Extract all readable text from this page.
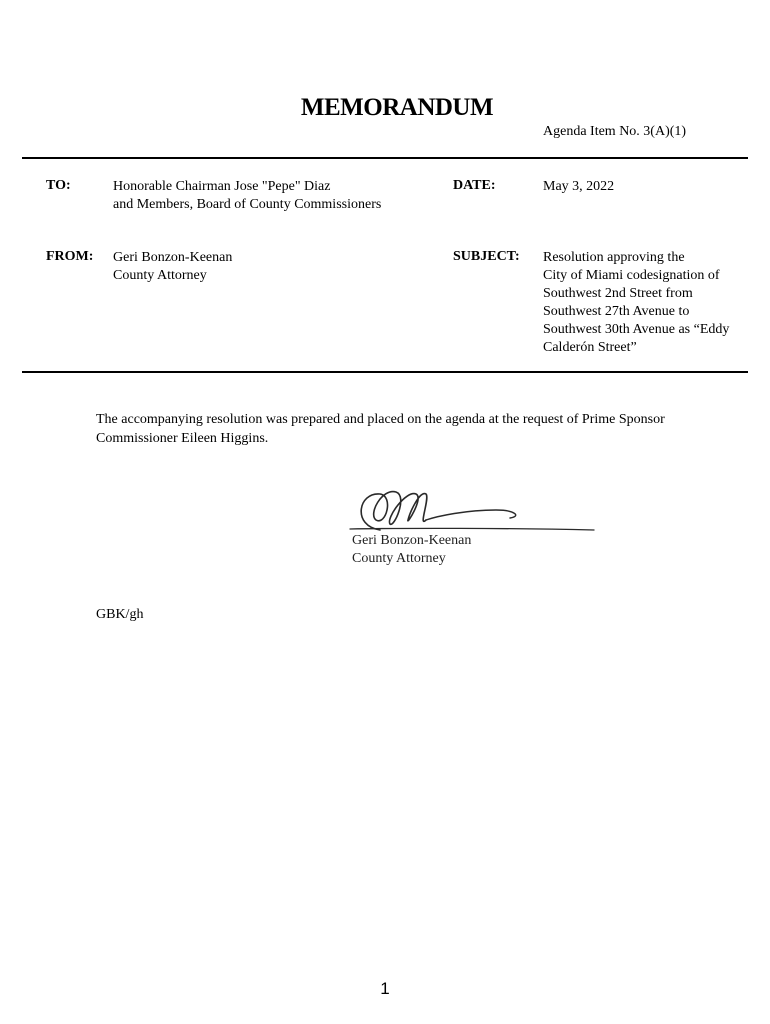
MEMORANDUM
Agenda Item No. 3(A)(1)
TO:	Honorable Chairman Jose "Pepe" Diaz
and Members, Board of County Commissioners
DATE:	May 3, 2022
FROM: Geri Bonzon-Keenan
County Attorney
SUBJECT: Resolution approving the
City of Miami codesignation of
Southwest 2nd Street from
Southwest 27th Avenue to
Southwest 30th Avenue as “Eddy
Calderón Street”
The accompanying resolution was prepared and placed on the agenda at the request of Prime Sponsor
Commissioner Eileen Higgins.
Geri Bonzon-Keenan
County Attorney
GBK/gh
1
